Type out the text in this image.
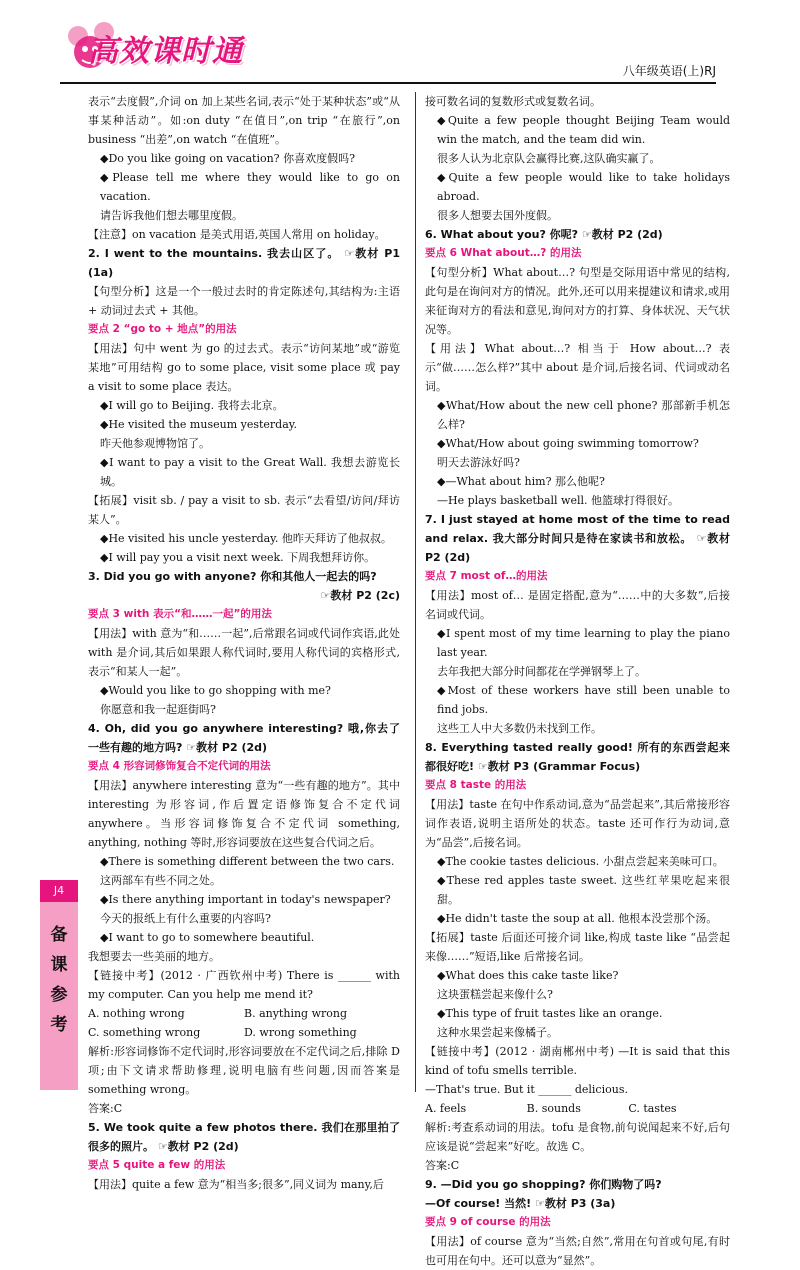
高效课时通
八年级英语(上)RJ

表示“去度假”,介词 on 加上某些名词,表示“处于某种状态”或“从事某种活动”。如:on duty “在值日”,on trip “在旅行”,on business “出差”,on watch “在值班”。

◆Do you like going on vacation? 你喜欢度假吗?

◆Please tell me where they would like to go on vacation.

请告诉我他们想去哪里度假。

【注意】on vacation 是美式用语,英国人常用 on holiday。

2. I went to the mountains. 我去山区了。 ☞教材 P1 (1a)

【句型分析】这是一个一般过去时的肯定陈述句,其结构为:主语 + 动词过去式 + 其他。

要点 2 “go to + 地点”的用法

【用法】句中 went 为 go 的过去式。表示“访问某地”或“游览某地”可用结构 go to some place, visit some place 或 pay a visit to some place 表达。

◆I will go to Beijing. 我将去北京。

◆He visited the museum yesterday.

昨天他参观博物馆了。

◆I want to pay a visit to the Great Wall. 我想去游览长城。

【拓展】visit sb. / pay a visit to sb. 表示“去看望/访问/拜访某人”。

◆He visited his uncle yesterday. 他昨天拜访了他叔叔。

◆I will pay you a visit next week. 下周我想拜访你。

3. Did you go with anyone? 你和其他人一起去的吗?

☞教材 P2 (2c)

要点 3 with 表示“和……一起”的用法

【用法】with 意为“和……一起”,后常跟名词或代词作宾语,此处 with 是介词,其后如果跟人称代词时,要用人称代词的宾格形式,表示“和某人一起”。

◆Would you like to go shopping with me?

你愿意和我一起逛街吗?

4. Oh, did you go anywhere interesting? 哦,你去了一些有趣的地方吗? ☞教材 P2 (2d)

要点 4 形容词修饰复合不定代词的用法

【用法】anywhere interesting 意为“一些有趣的地方”。其中 interesting 为形容词,作后置定语修饰复合不定代词 anywhere。当形容词修饰复合不定代词 something, anything, nothing 等时,形容词要放在这些复合代词之后。

◆There is something different between the two cars.

这两部车有些不同之处。

◆Is there anything important in today's newspaper?

今天的报纸上有什么重要的内容吗?

◆I want to go to somewhere beautiful.

我想要去一些美丽的地方。

【链接中考】(2012 · 广西钦州中考) There is ______ with my computer. Can you help me mend it?

A. nothing wrong	B. anything wrong
C. something wrong	D. wrong something

解析:形容词修饰不定代词时,形容词要放在不定代词之后,排除 D 项;由下文请求帮助修理,说明电脑有些问题,因而答案是 something wrong。

答案:C

5. We took quite a few photos there. 我们在那里拍了很多的照片。 ☞教材 P2 (2d)

要点 5 quite a few 的用法

【用法】quite a few 意为“相当多;很多”,同义词为 many,后

接可数名词的复数形式或复数名词。

◆Quite a few people thought Beijing Team would win the match, and the team did win.

很多人认为北京队会赢得比赛,这队确实赢了。

◆Quite a few people would like to take holidays abroad.

很多人想要去国外度假。

6. What about you? 你呢? ☞教材 P2 (2d)

要点 6 What about…? 的用法

【句型分析】What about…? 句型是交际用语中常见的结构,此句是在询问对方的情况。此外,还可以用来提建议和请求,或用来征询对方的看法和意见,询问对方的打算、身体状况、天气状况等。

【用法】What about…? 相当于 How about…? 表示“做……怎么样?”其中 about 是介词,后接名词、代词或动名词。

◆What/How about the new cell phone? 那部新手机怎么样?

◆What/How about going swimming tomorrow?

明天去游泳好吗?

◆—What about him? 那么他呢?

—He plays basketball well. 他篮球打得很好。

7. I just stayed at home most of the time to read and relax. 我大部分时间只是待在家读书和放松。 ☞教材 P2 (2d)

要点 7 most of…的用法

【用法】most of… 是固定搭配,意为“……中的大多数”,后接名词或代词。

◆I spent most of my time learning to play the piano last year.

去年我把大部分时间都花在学弹钢琴上了。

◆Most of these workers have still been unable to find jobs.

这些工人中大多数仍未找到工作。

8. Everything tasted really good! 所有的东西尝起来都很好吃! ☞教材 P3 (Grammar Focus)

要点 8 taste 的用法

【用法】taste 在句中作系动词,意为“品尝起来”,其后常接形容词作表语,说明主语所处的状态。taste 还可作行为动词,意为“品尝”,后接名词。

◆The cookie tastes delicious. 小甜点尝起来美味可口。

◆These red apples taste sweet. 这些红苹果吃起来很甜。

◆He didn't taste the soup at all. 他根本没尝那个汤。

【拓展】taste 后面还可接介词 like,构成 taste like “品尝起来像……”短语,like 后常接名词。

◆What does this cake taste like?

这块蛋糕尝起来像什么?

◆This type of fruit tastes like an orange.

这种水果尝起来像橘子。

【链接中考】(2012 · 湖南郴州中考) —It is said that this kind of tofu smells terrible.

—That's true. But it ______ delicious.

A. feels	B. sounds	C. tastes

解析:考查系动词的用法。tofu 是食物,前句说闻起来不好,后句应该是说“尝起来”好吃。故选 C。

答案:C

9. —Did you go shopping? 你们购物了吗?

—Of course! 当然! ☞教材 P3 (3a)

要点 9 of course 的用法

【用法】of course 意为“当然;自然”,常用在句首或句尾,有时也可用在句中。还可以意为“显然”。

J4
备
课
参
考
